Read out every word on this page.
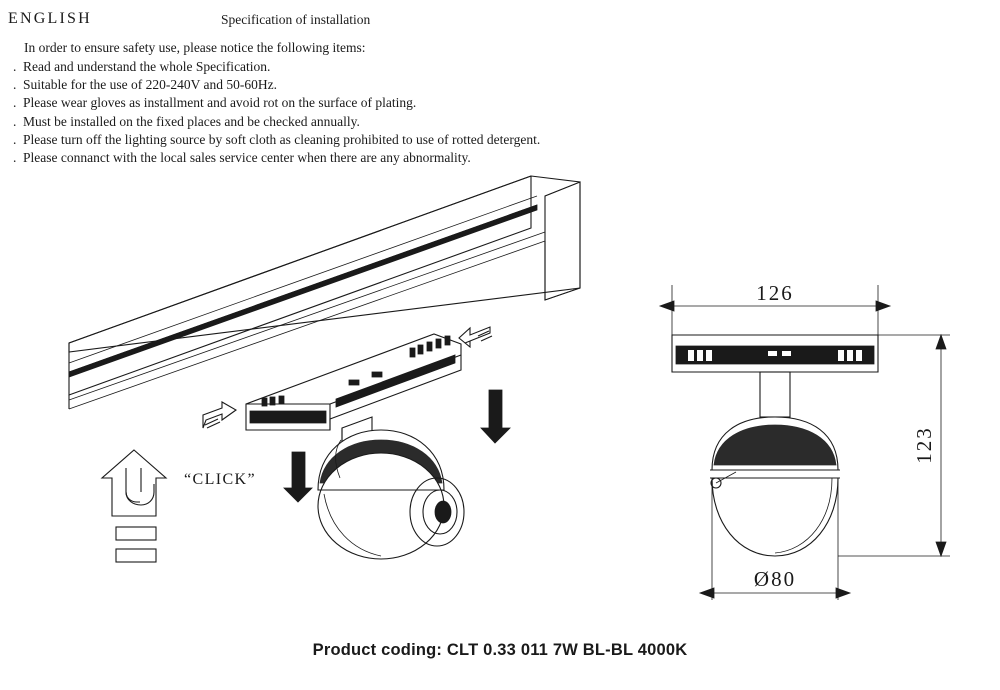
ENGLISH	Specification of installation
In order to ensure safety use, please notice the following items:
. Read and understand the whole Specification.
. Suitable for the use of 220-240V and 50-60Hz.
. Please wear gloves as installment and avoid rot on the surface of plating.
. Must be installed on the fixed places and be checked annually.
. Please turn off the lighting source by soft cloth as cleaning prohibited to use of rotted detergent.
. Please connanct with the local sales service center when there are any abnormality.
“CLICK”
126
123
Ø80
Product coding: CLT 0.33 011 7W BL-BL 4000K
